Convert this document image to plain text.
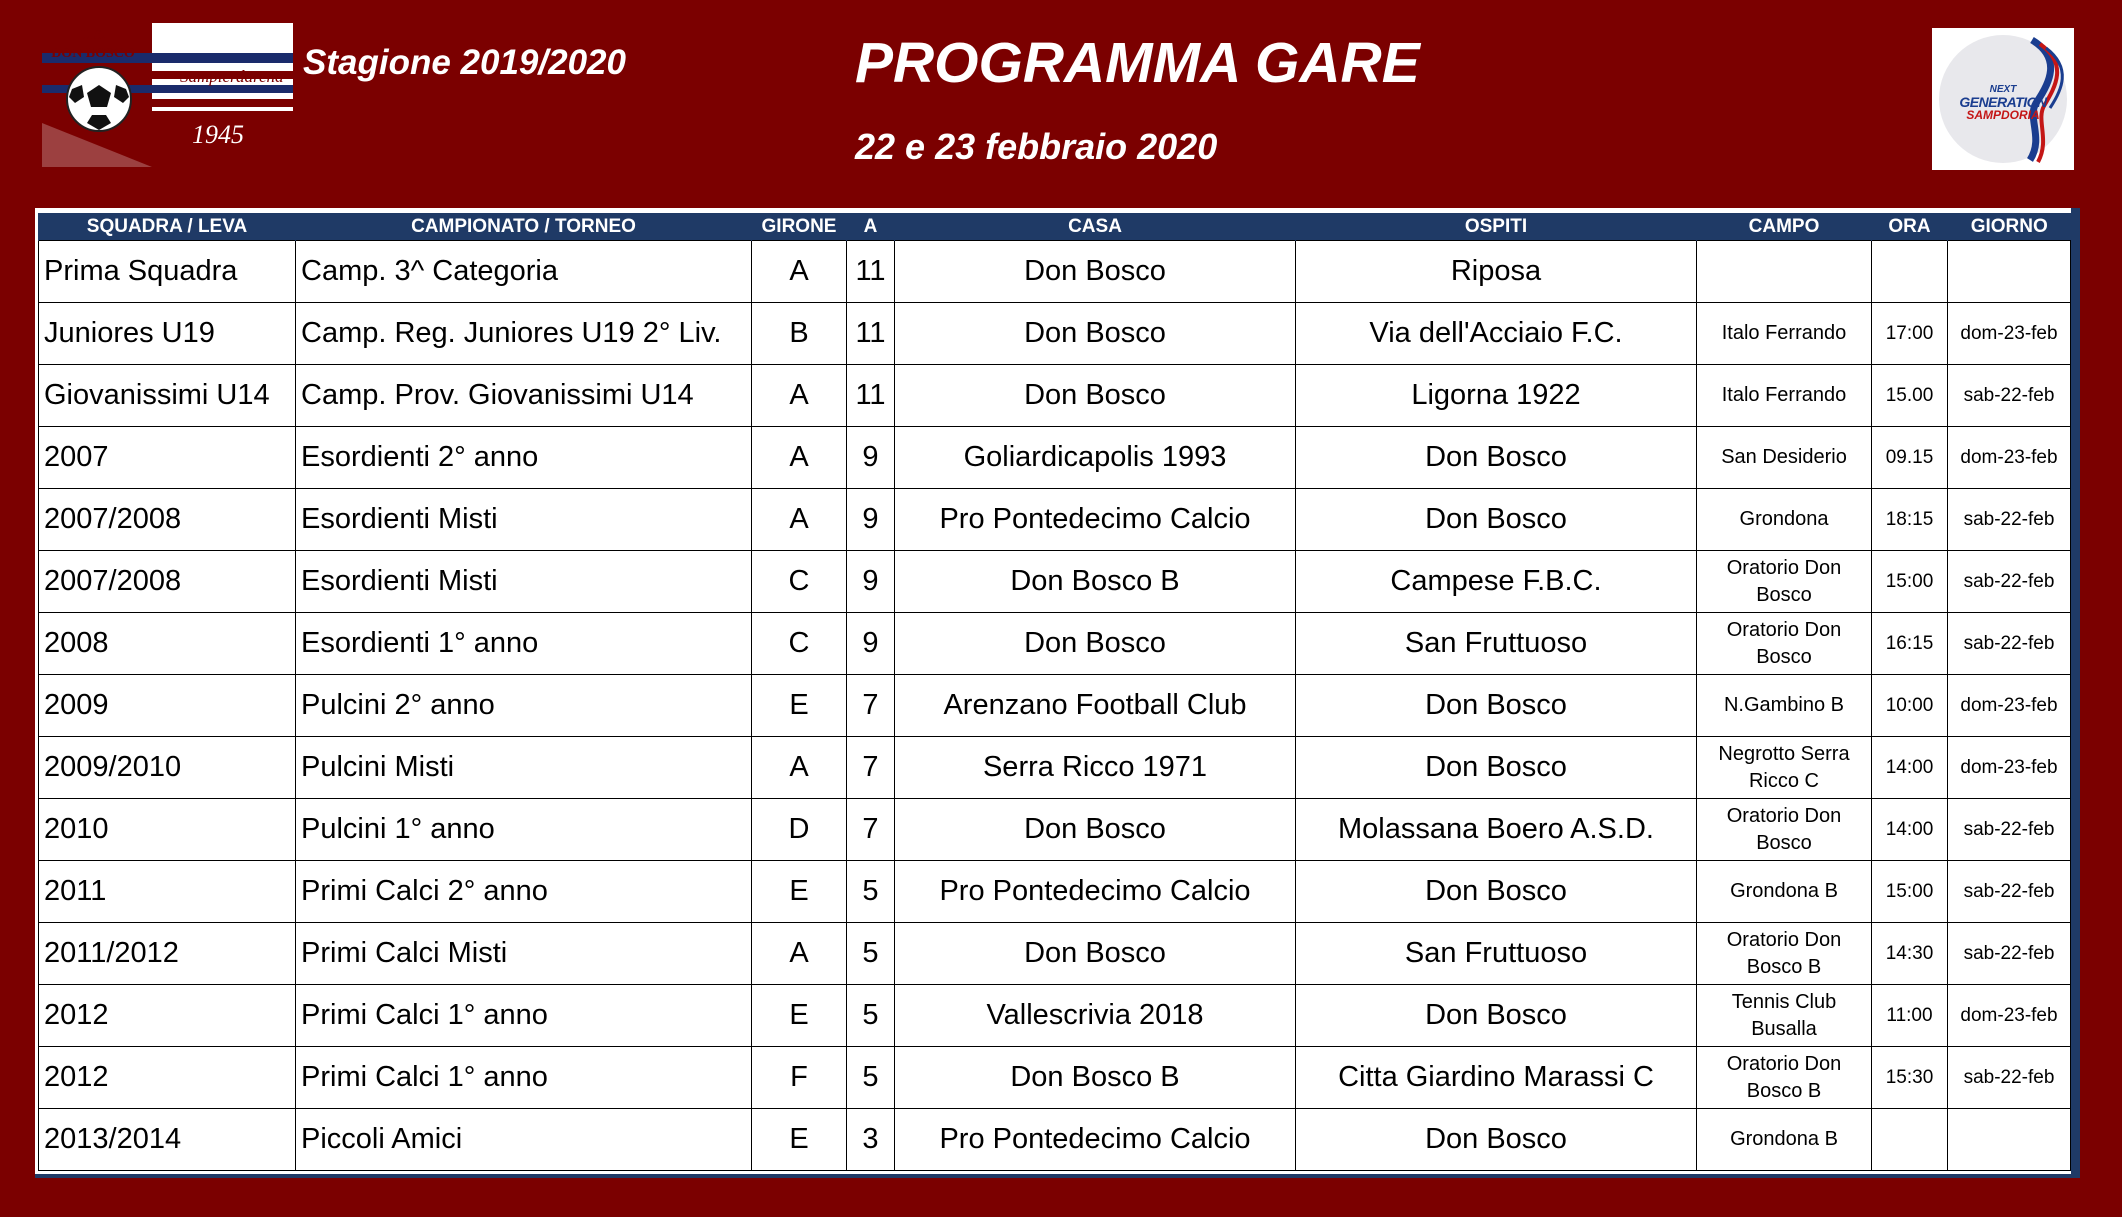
U.S.
DON BOSCO
Sampierdarena
1945
Stagione 2019/2020	PROGRAMMA GARE
22 e 23 febbraio 2020
NEXT
GENERATION
SAMPDORIA
SQUADRA / LEVA	CAMPIONATO / TORNEO	GIRONE	A	CASA	OSPITI	CAMPO	ORA	GIORNO
Prima Squadra	Camp. 3^ Categoria	A	11	Don Bosco	Riposa			
Juniores U19	Camp. Reg. Juniores U19 2° Liv.	B	11	Don Bosco	Via dell'Acciaio F.C.	Italo Ferrando	17:00	dom-23-feb
Giovanissimi U14	Camp. Prov. Giovanissimi U14	A	11	Don Bosco	Ligorna 1922	Italo Ferrando	15.00	sab-22-feb
2007	Esordienti 2° anno	A	9	Goliardicapolis 1993	Don Bosco	San Desiderio	09.15	dom-23-feb
2007/2008	Esordienti Misti	A	9	Pro Pontedecimo Calcio	Don Bosco	Grondona	18:15	sab-22-feb
2007/2008	Esordienti Misti	C	9	Don Bosco B	Campese F.B.C.	Oratorio Don Bosco	15:00	sab-22-feb
2008	Esordienti 1° anno	C	9	Don Bosco	San Fruttuoso	Oratorio Don Bosco	16:15	sab-22-feb
2009	Pulcini 2° anno	E	7	Arenzano Football Club	Don Bosco	N.Gambino B	10:00	dom-23-feb
2009/2010	Pulcini Misti	A	7	Serra Ricco 1971	Don Bosco	Negrotto Serra Ricco C	14:00	dom-23-feb
2010	Pulcini 1° anno	D	7	Don Bosco	Molassana Boero A.S.D.	Oratorio Don Bosco	14:00	sab-22-feb
2011	Primi Calci 2° anno	E	5	Pro Pontedecimo Calcio	Don Bosco	Grondona B	15:00	sab-22-feb
2011/2012	Primi Calci Misti	A	5	Don Bosco	San Fruttuoso	Oratorio Don Bosco B	14:30	sab-22-feb
2012	Primi Calci 1° anno	E	5	Vallescrivia 2018	Don Bosco	Tennis Club Busalla	11:00	dom-23-feb
2012	Primi Calci 1° anno	F	5	Don Bosco B	Citta Giardino Marassi C	Oratorio Don Bosco B	15:30	sab-22-feb
2013/2014	Piccoli Amici	E	3	Pro Pontedecimo Calcio	Don Bosco	Grondona B		
